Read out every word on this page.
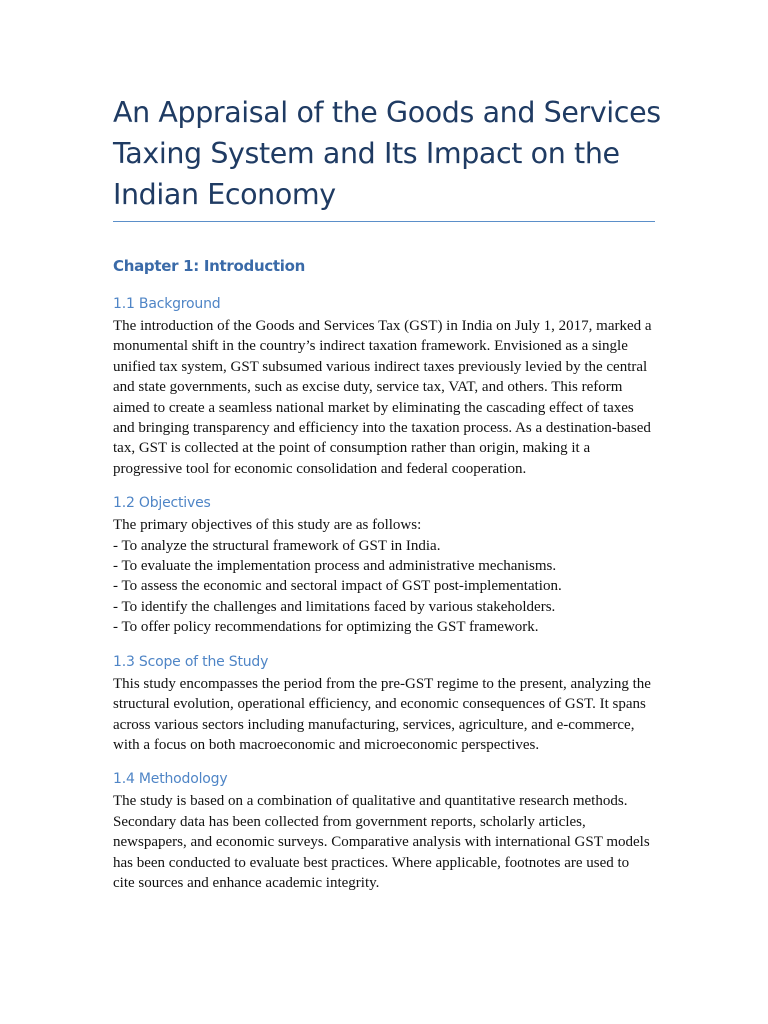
An Appraisal of the Goods and Services
Taxing System and Its Impact on the
Indian Economy
Chapter 1: Introduction
1.1 Background
The introduction of the Goods and Services Tax (GST) in India on July 1, 2017, marked a
monumental shift in the country’s indirect taxation framework. Envisioned as a single
unified tax system, GST subsumed various indirect taxes previously levied by the central
and state governments, such as excise duty, service tax, VAT, and others. This reform
aimed to create a seamless national market by eliminating the cascading effect of taxes
and bringing transparency and efficiency into the taxation process. As a destination-based
tax, GST is collected at the point of consumption rather than origin, making it a
progressive tool for economic consolidation and federal cooperation.
1.2 Objectives
The primary objectives of this study are as follows:
- To analyze the structural framework of GST in India.
- To evaluate the implementation process and administrative mechanisms.
- To assess the economic and sectoral impact of GST post-implementation.
- To identify the challenges and limitations faced by various stakeholders.
- To offer policy recommendations for optimizing the GST framework.
1.3 Scope of the Study
This study encompasses the period from the pre-GST regime to the present, analyzing the
structural evolution, operational efficiency, and economic consequences of GST. It spans
across various sectors including manufacturing, services, agriculture, and e-commerce,
with a focus on both macroeconomic and microeconomic perspectives.
1.4 Methodology
The study is based on a combination of qualitative and quantitative research methods.
Secondary data has been collected from government reports, scholarly articles,
newspapers, and economic surveys. Comparative analysis with international GST models
has been conducted to evaluate best practices. Where applicable, footnotes are used to
cite sources and enhance academic integrity.
